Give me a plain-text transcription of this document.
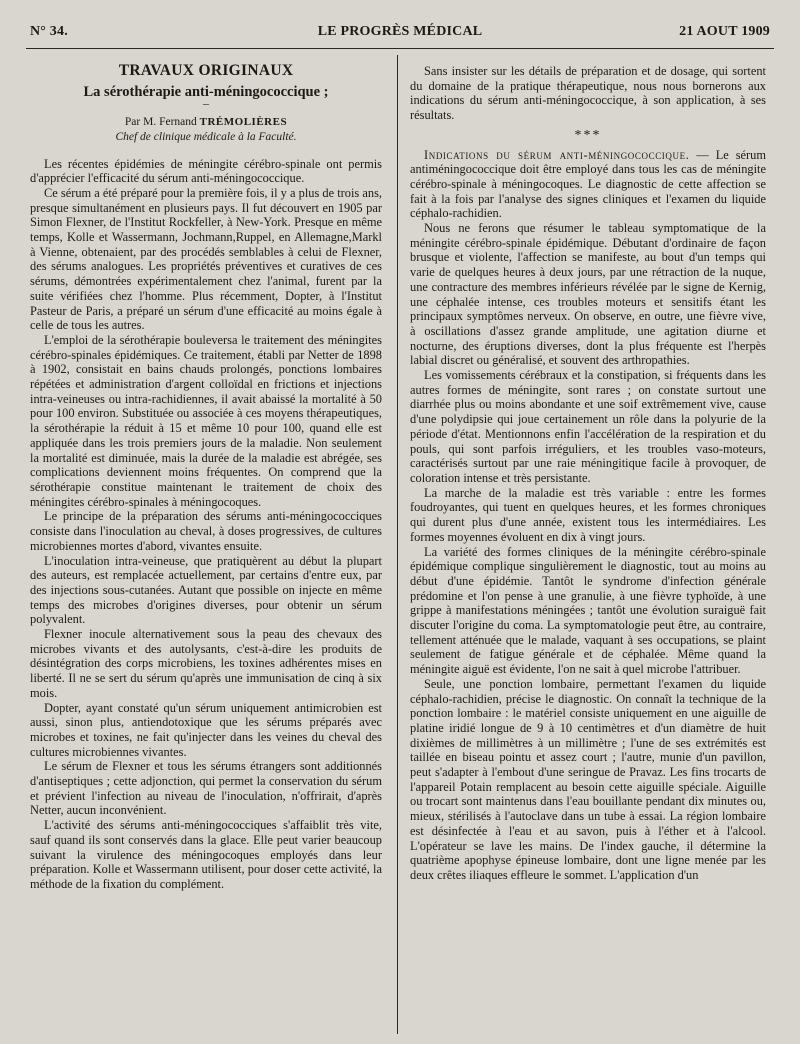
N° 34.	LE PROGRÈS MÉDICAL	21 AOUT 1909
TRAVAUX ORIGINAUX
La sérothérapie anti-méningococcique ;
–
Par M. Fernand TRÉMOLIÈRES
Chef de clinique médicale à la Faculté.

Les récentes épidémies de méningite cérébro-spinale ont permis d'apprécier l'efficacité du sérum anti-méningococcique.

Ce sérum a été préparé pour la première fois, il y a plus de trois ans, presque simultanément en plusieurs pays. Il fut découvert en 1905 par Simon Flexner, de l'Institut Rockfeller, à New-York. Presque en même temps, Kolle et Wassermann, Jochmann,Ruppel, en Allemagne,Markl à Vienne, obtenaient, par des procédés semblables à celui de Flexner, des sérums analogues. Les propriétés préventives et curatives de ces sérums, démontrées expérimentalement chez l'animal, furent par la suite vérifiées chez l'homme. Plus récemment, Dopter, à l'Institut Pasteur de Paris, a préparé un sérum d'une efficacité au moins égale à celle de tous les autres.

L'emploi de la sérothérapie bouleversa le traitement des méningites cérébro-spinales épidémiques. Ce traitement, établi par Netter de 1898 à 1902, consistait en bains chauds prolongés, ponctions lombaires répétées et administration d'argent colloïdal en frictions et injections intra-veineuses ou intra-rachidiennes, il avait abaissé la mortalité à 50 pour 100 environ. Substituée ou associée à ces moyens thérapeutiques, la sérothérapie la réduit à 15 et même 10 pour 100, quand elle est appliquée dans les trois premiers jours de la maladie. Non seulement la mortalité est diminuée, mais la durée de la maladie est abrégée, ses complications deviennent moins fréquentes. On comprend que la sérothérapie constitue maintenant le traitement de choix des méningites cérébro-spinales à méningocoques.

Le principe de la préparation des sérums anti-méningococciques consiste dans l'inoculation au cheval, à doses progressives, de cultures microbiennes mortes d'abord, vivantes ensuite.

L'inoculation intra-veineuse, que pratiquèrent au début la plupart des auteurs, est remplacée actuellement, par certains d'entre eux, par des injections sous-cutanées. Autant que possible on injecte en même temps des microbes d'origines diverses, pour obtenir un sérum polyvalent.

Flexner inocule alternativement sous la peau des chevaux des microbes vivants et des autolysants, c'est-à-dire les produits de désintégration des corps microbiens, les toxines adhérentes mises en liberté. Il ne se sert du sérum qu'après une immunisation de cinq à six mois.

Dopter, ayant constaté qu'un sérum uniquement antimicrobien est aussi, sinon plus, antiendotoxique que les sérums préparés avec microbes et toxines, ne fait qu'injecter dans les veines du cheval des cultures microbiennes vivantes.

Le sérum de Flexner et tous les sérums étrangers sont additionnés d'antiseptiques ; cette adjonction, qui permet la conservation du sérum et prévient l'infection au niveau de l'inoculation, n'offrirait, d'après Netter, aucun inconvénient.

L'activité des sérums anti-méningococciques s'affaiblit très vite, sauf quand ils sont conservés dans la glace. Elle peut varier beaucoup suivant la virulence des méningocoques employés dans leur préparation. Kolle et Wassermann utilisent, pour doser cette activité, la méthode de la fixation du complément.

Sans insister sur les détails de préparation et de dosage, qui sortent du domaine de la pratique thérapeutique, nous nous bornerons aux indications du sérum anti-méningococcique, à son application, à ses résultats.

***

Indications du sérum anti-méningococcique. — Le sérum antiméningococcique doit être employé dans tous les cas de méningite cérébro-spinale à méningocoques. Le diagnostic de cette affection se fait à la fois par l'analyse des signes cliniques et l'examen du liquide céphalo-rachidien.

Nous ne ferons que résumer le tableau symptomatique de la méningite cérébro-spinale épidémique. Débutant d'ordinaire de façon brusque et violente, l'affection se manifeste, au bout d'un temps qui varie de quelques heures à deux jours, par une rétraction de la nuque, une contracture des membres inférieurs révélée par le signe de Kernig, une céphalée intense, ces troubles moteurs et sensitifs étant les principaux symptômes nerveux. On observe, en outre, une fièvre vive, à oscillations d'assez grande amplitude, une agitation diurne et nocturne, des éruptions diverses, dont la plus fréquente est l'herpès labial discret ou généralisé, et souvent des arthropathies.

Les vomissements cérébraux et la constipation, si fréquents dans les autres formes de méningite, sont rares ; on constate surtout une diarrhée plus ou moins abondante et une soif extrêmement vive, cause d'une polydipsie qui joue certainement un rôle dans la polyurie de la période d'état. Mentionnons enfin l'accélération de la respiration et du pouls, qui sont parfois irréguliers, et les troubles vaso-moteurs, caractérisés surtout par une raie méningitique facile à provoquer, de coloration intense et très persistante.

La marche de la maladie est très variable : entre les formes foudroyantes, qui tuent en quelques heures, et les formes chroniques qui durent plus d'une année, existent tous les intermédiaires. Les formes moyennes évoluent en dix à vingt jours.

La variété des formes cliniques de la méningite cérébro-spinale épidémique complique singulièrement le diagnostic, tout au moins au début d'une épidémie. Tantôt le syndrome d'infection générale prédomine et l'on pense à une granulie, à une fièvre typhoïde, à une grippe à manifestations méningées ; tantôt une évolution suraiguë fait discuter l'origine du coma. La symptomatologie peut être, au contraire, tellement atténuée que le malade, vaquant à ses occupations, se plaint seulement de fatigue générale et de céphalée. Même quand la méningite aiguë est évidente, l'on ne sait à quel microbe l'attribuer.

Seule, une ponction lombaire, permettant l'examen du liquide céphalo-rachidien, précise le diagnostic. On connaît la technique de la ponction lombaire : le matériel consiste uniquement en une aiguille de platine iridié longue de 9 à 10 centimètres et d'un diamètre de huit dixièmes de millimètres à un millimètre ; l'une de ses extrémités est taillée en biseau pointu et assez court ; l'autre, munie d'un pavillon, peut s'adapter à l'embout d'une seringue de Pravaz. Les fins trocarts de l'appareil Potain remplacent au besoin cette aiguille spéciale. Aiguille ou trocart sont maintenus dans l'eau bouillante pendant dix minutes ou, mieux, stérilisés à l'autoclave dans un tube à essai. La région lombaire est désinfectée à l'eau et au savon, puis à l'éther et à l'alcool. L'opérateur se lave les mains. De l'index gauche, il détermine la quatrième apophyse épineuse lombaire, dont une ligne menée par les deux crêtes iliaques effleure le sommet. L'application d'un
